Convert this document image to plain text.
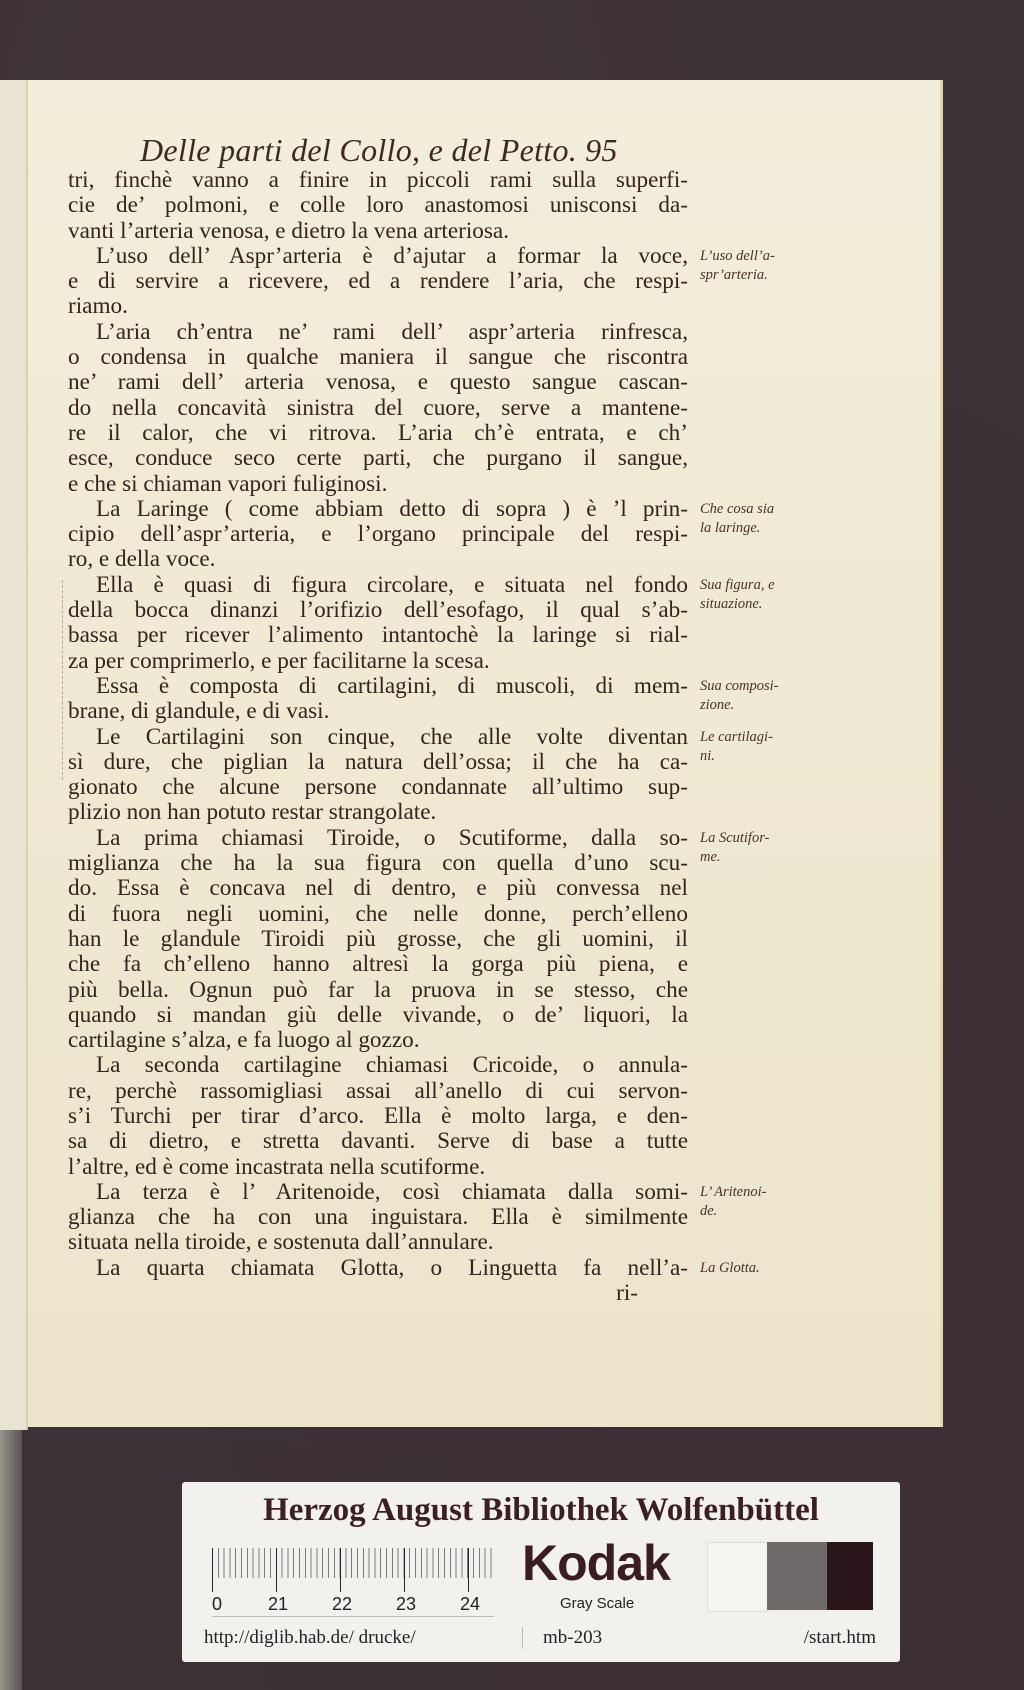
Delle parti del Collo, e del Petto. 95
tri, finchè vanno a finire in piccoli rami sulla superfi-
cie de’ polmoni, e colle loro anastomosi unisconsi da-
vanti l’arteria venosa, e dietro la vena arteriosa.
L’uso dell’ Aspr’arteria è d’ajutar a formar la voce,
e di servire a ricevere, ed a rendere l’aria, che respi-
riamo.
L’aria ch’entra ne’ rami dell’ aspr’arteria rinfresca,
o condensa in qualche maniera il sangue che riscontra
ne’ rami dell’ arteria venosa, e questo sangue cascan-
do nella concavità sinistra del cuore, serve a mantene-
re il calor, che vi ritrova. L’aria ch’è entrata, e ch’
esce, conduce seco certe parti, che purgano il sangue,
e che si chiaman vapori fuliginosi.
La Laringe ( come abbiam detto di sopra ) è ’l prin-
cipio dell’aspr’arteria, e l’organo principale del respi-
ro, e della voce.
Ella è quasi di figura circolare, e situata nel fondo
della bocca dinanzi l’orifizio dell’esofago, il qual s’ab-
bassa per ricever l’alimento intantochè la laringe si rial-
za per comprimerlo, e per facilitarne la scesa.
Essa è composta di cartilagini, di muscoli, di mem-
brane, di glandule, e di vasi.
Le Cartilagini son cinque, che alle volte diventan
sì dure, che piglian la natura dell’ossa; il che ha ca-
gionato che alcune persone condannate all’ultimo sup-
plizio non han potuto restar strangolate.
La prima chiamasi Tiroide, o Scutiforme, dalla so-
miglianza che ha la sua figura con quella d’uno scu-
do. Essa è concava nel di dentro, e più convessa nel
di fuora negli uomini, che nelle donne, perch’elleno
han le glandule Tiroidi più grosse, che gli uomini, il
che fa ch’elleno hanno altresì la gorga più piena, e
più bella. Ognun può far la pruova in se stesso, che
quando si mandan giù delle vivande, o de’ liquori, la
cartilagine s’alza, e fa luogo al gozzo.
La seconda cartilagine chiamasi Cricoide, o annula-
re, perchè rassomigliasi assai all’anello di cui servon-
s’i Turchi per tirar d’arco. Ella è molto larga, e den-
sa di dietro, e stretta davanti. Serve di base a tutte
l’altre, ed è come incastrata nella scutiforme.
La terza è l’ Aritenoide, così chiamata dalla somi-
glianza che ha con una inguistara. Ella è similmente
situata nella tiroide, e sostenuta dall’annulare.
La quarta chiamata Glotta, o Linguetta fa nell’a-
ri-
L’uso dell’a-
spr’arteria.
Che cosa sia
la laringe.
Sua figura, e
situazione.
Sua composi-
zione.
Le cartilagi-
ni.
La Scutifor-
me.
L’ Aritenoi-
de.
La Glotta.
Herzog August Bibliothek Wolfenbüttel
0	21 22 23 24
Kodak
Gray Scale
http://diglib.hab.de/ drucke/	mb-203	/start.htm
